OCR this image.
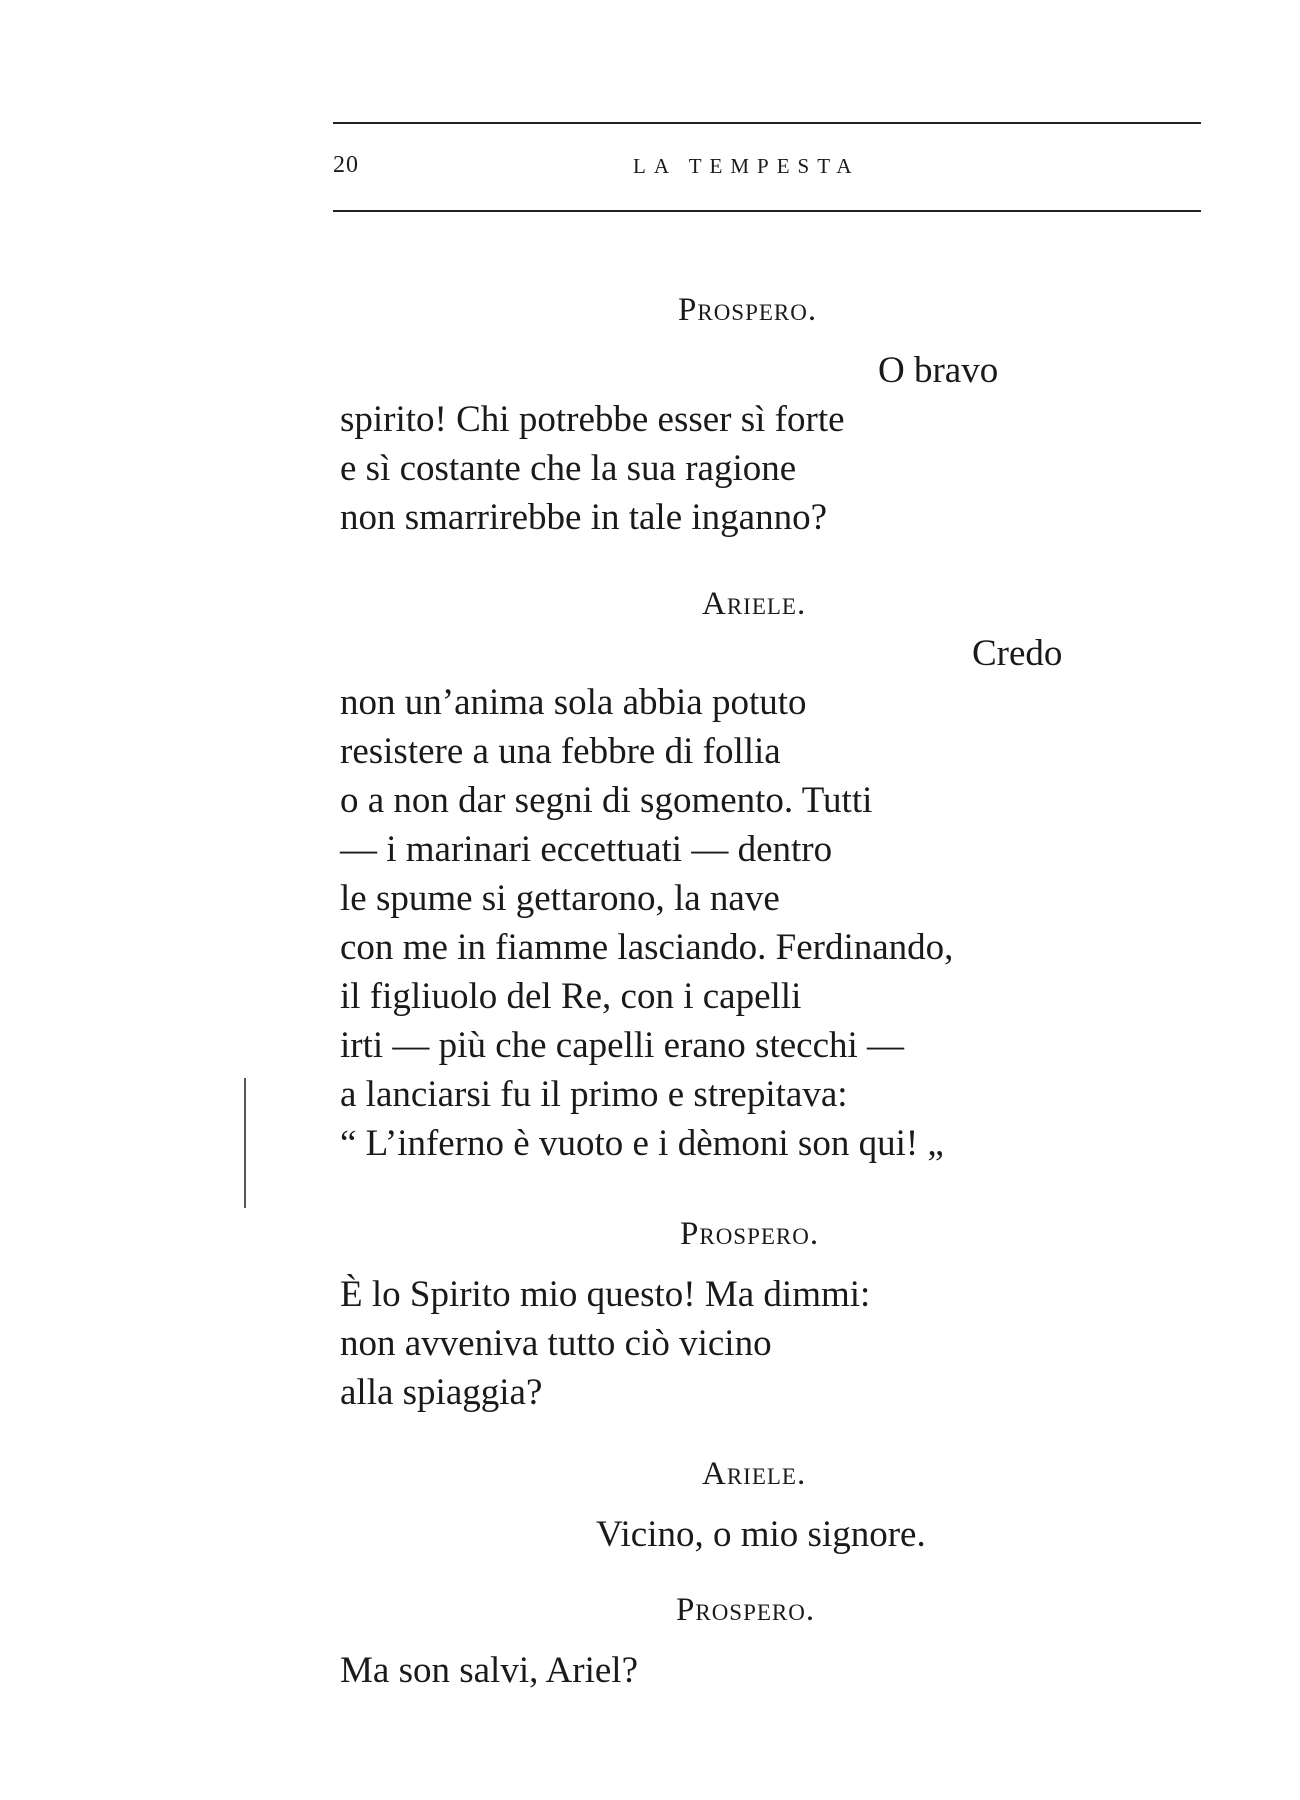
20	LA TEMPESTA
Prospero.
O bravo
spirito! Chi potrebbe esser sì forte
e sì costante che la sua ragione
non smarrirebbe in tale inganno?
Ariele.
Credo
non un’anima sola abbia potuto
resistere a una febbre di follia
o a non dar segni di sgomento. Tutti
— i marinari eccettuati — dentro
le spume si gettarono, la nave
con me in fiamme lasciando. Ferdinando,
il figliuolo del Re, con i capelli
irti — più che capelli erano stecchi —
a lanciarsi fu il primo e strepitava:
“ L’inferno è vuoto e i dèmoni son qui! „
Prospero.
È lo Spirito mio questo! Ma dimmi:
non avveniva tutto ciò vicino
alla spiaggia?
Ariele.
Vicino, o mio signore.
Prospero.
Ma son salvi, Ariel?
